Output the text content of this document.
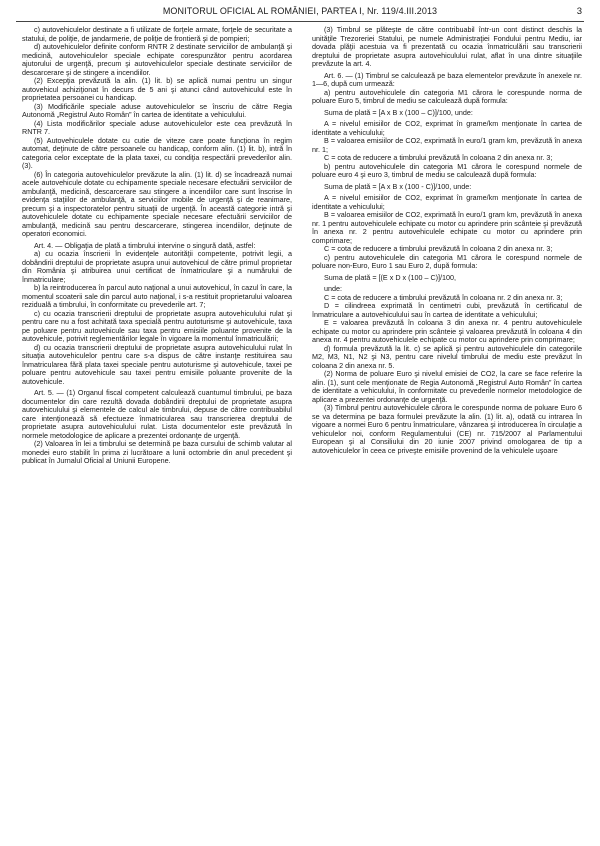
MONITORUL OFICIAL AL ROMÂNIEI, PARTEA I, Nr. 119/4.III.2013	3

c) autovehiculelor destinate a fi utilizate de forţele armate, forţele de securitate a statului, de poliţie, de jandarmerie, de poliţie de frontieră şi de pompieri;

d) autovehiculelor definite conform RNTR 2 destinate serviciilor de ambulanţă şi medicină, autovehiculelor speciale echipate corespunzător pentru acordarea ajutorului de urgenţă, precum şi autovehiculelor speciale destinate serviciilor de descarcerare şi de stingere a incendiilor.

(2) Excepţia prevăzută la alin. (1) lit. b) se aplică numai pentru un singur autovehicul achiziţionat în decurs de 5 ani şi atunci când autovehiculul este în proprietatea persoanei cu handicap.

(3) Modificările speciale aduse autovehiculelor se înscriu de către Regia Autonomă „Registrul Auto Român” în cartea de identitate a vehiculului.

(4) Lista modificărilor speciale aduse autovehiculelor este cea prevăzută în RNTR 7.

(5) Autovehiculele dotate cu cutie de viteze care poate funcţiona în regim automat, deţinute de către persoanele cu handicap, conform alin. (1) lit. b), intră în categoria celor exceptate de la plata taxei, cu condiţia respectării prevederilor alin. (3).

(6) În categoria autovehiculelor prevăzute la alin. (1) lit. d) se încadrează numai acele autovehicule dotate cu echipamente speciale necesare efectuării serviciilor de ambulanţă, medicină, descarcerare sau stingere a incendiilor care sunt înscrise în evidenţa staţiilor de ambulanţă, a serviciilor mobile de urgenţă şi de reanimare, precum şi a inspectoratelor pentru situaţii de urgenţă. În această categorie intră şi autovehiculele dotate cu echipamente speciale necesare efectuării serviciilor de ambulanţă, medicină sau pentru descarcerare, stingerea incendiilor, deţinute de operatori economici.

Art. 4. — Obligaţia de plată a timbrului intervine o singură dată, astfel:

a) cu ocazia înscrierii în evidenţele autorităţii competente, potrivit legii, a dobândirii dreptului de proprietate asupra unui autovehicul de către primul proprietar din România şi atribuirea unui certificat de înmatriculare şi a numărului de înmatriculare;

b) la reintroducerea în parcul auto naţional a unui autovehicul, în cazul în care, la momentul scoaterii sale din parcul auto naţional, i s-a restituit proprietarului valoarea reziduală a timbrului, în conformitate cu prevederile art. 7;

c) cu ocazia transcrierii dreptului de proprietate asupra autovehiculului rulat şi pentru care nu a fost achitată taxa specială pentru autoturisme şi autovehicule, taxa pe poluare pentru autovehicule sau taxa pentru emisiile poluante provenite de la autovehicule, potrivit reglementărilor legale în vigoare la momentul înmatriculării;

d) cu ocazia transcrierii dreptului de proprietate asupra autovehiculului rulat în situaţia autovehiculelor pentru care s-a dispus de către instanţe restituirea sau înmatricularea fără plata taxei speciale pentru autoturisme şi autovehicule, taxei pe poluare pentru autovehicule sau taxei pentru emisiile poluante provenite de la autovehicule.

Art. 5. — (1) Organul fiscal competent calculează cuantumul timbrului, pe baza documentelor din care rezultă dovada dobândirii dreptului de proprietate asupra autovehiculului şi elementele de calcul ale timbrului, depuse de către contribuabilul care intenţionează să efectueze înmatricularea sau transcrierea dreptului de proprietate asupra autovehiculului rulat. Lista documentelor este prevăzută în normele metodologice de aplicare a prezentei ordonanţe de urgenţă.

(2) Valoarea în lei a timbrului se determină pe baza cursului de schimb valutar al monedei euro stabilit în prima zi lucrătoare a lunii octombrie din anul precedent şi publicat în Jurnalul Oficial al Uniunii Europene.

(3) Timbrul se plăteşte de către contribuabil într-un cont distinct deschis la unităţile Trezoreriei Statului, pe numele Administraţiei Fondului pentru Mediu, iar dovada plăţii acestuia va fi prezentată cu ocazia înmatriculării sau transcrierii dreptului de proprietate asupra autovehiculului rulat, aflat în una dintre situaţiile prevăzute la art. 4.

Art. 6. — (1) Timbrul se calculează pe baza elementelor prevăzute în anexele nr. 1—6, după cum urmează:

a) pentru autovehiculele din categoria M1 cărora le corespunde norma de poluare Euro 5, timbrul de mediu se calculează după formula:

Suma de plată = [A x B x (100 – C)]/100, unde:

A = nivelul emisiilor de CO2, exprimat în grame/km menţionate în cartea de identitate a vehiculului;

B = valoarea emisiilor de CO2, exprimată în euro/1 gram km, prevăzută în anexa nr. 1;

C = cota de reducere a timbrului prevăzută în coloana 2 din anexa nr. 3;

b) pentru autovehiculele din categoria M1 cărora le corespund normele de poluare euro 4 şi euro 3, timbrul de mediu se calculează după formula:

Suma de plată = [A x B x (100 - C)]/100, unde:

A = nivelul emisiilor de CO2, exprimat în grame/km menţionate în cartea de identitate a vehiculului;

B = valoarea emisiilor de CO2, exprimată în euro/1 gram km, prevăzută în anexa nr. 1 pentru autovehiculele echipate cu motor cu aprindere prin scânteie şi prevăzută în anexa nr. 2 pentru autovehiculele echipate cu motor cu aprindere prin comprimare;

C = cota de reducere a timbrului prevăzută în coloana 2 din anexa nr. 3;

c) pentru autovehiculele din categoria M1 cărora le corespund normele de poluare non-Euro, Euro 1 sau Euro 2, după formula:

Suma de plată = [(E x D x (100 – C)]/100,

unde:

C = cota de reducere a timbrului prevăzută în coloana nr. 2 din anexa nr. 3;

D = cilindreea exprimată în centimetri cubi, prevăzută în certificatul de înmatriculare a autovehiculului sau în cartea de identitate a vehiculului;

E = valoarea prevăzută în coloana 3 din anexa nr. 4 pentru autovehiculele echipate cu motor cu aprindere prin scânteie şi valoarea prevăzută în coloana 4 din anexa nr. 4 pentru autovehiculele echipate cu motor cu aprindere prin comprimare;

d) formula prevăzută la lit. c) se aplică şi pentru autovehiculele din categoriile M2, M3, N1, N2 şi N3, pentru care nivelul timbrului de mediu este prevăzut în coloana 2 din anexa nr. 5.

(2) Norma de poluare Euro şi nivelul emisiei de CO2, la care se face referire la alin. (1), sunt cele menţionate de Regia Autonomă „Registrul Auto Român” în cartea de identitate a vehiculului, în conformitate cu prevederile normelor metodologice de aplicare a prezentei ordonanţe de urgenţă.

(3) Timbrul pentru autovehiculele cărora le corespunde norma de poluare Euro 6 se va determina pe baza formulei prevăzute la alin. (1) lit. a), odată cu intrarea în vigoare a normei Euro 6 pentru înmatriculare, vânzarea şi introducerea în circulaţie a vehiculelor noi, conform Regulamentului (CE) nr. 715/2007 al Parlamentului European şi al Consiliului din 20 iunie 2007 privind omologarea de tip a autovehiculelor în ceea ce priveşte emisiile provenind de la vehiculele uşoare
